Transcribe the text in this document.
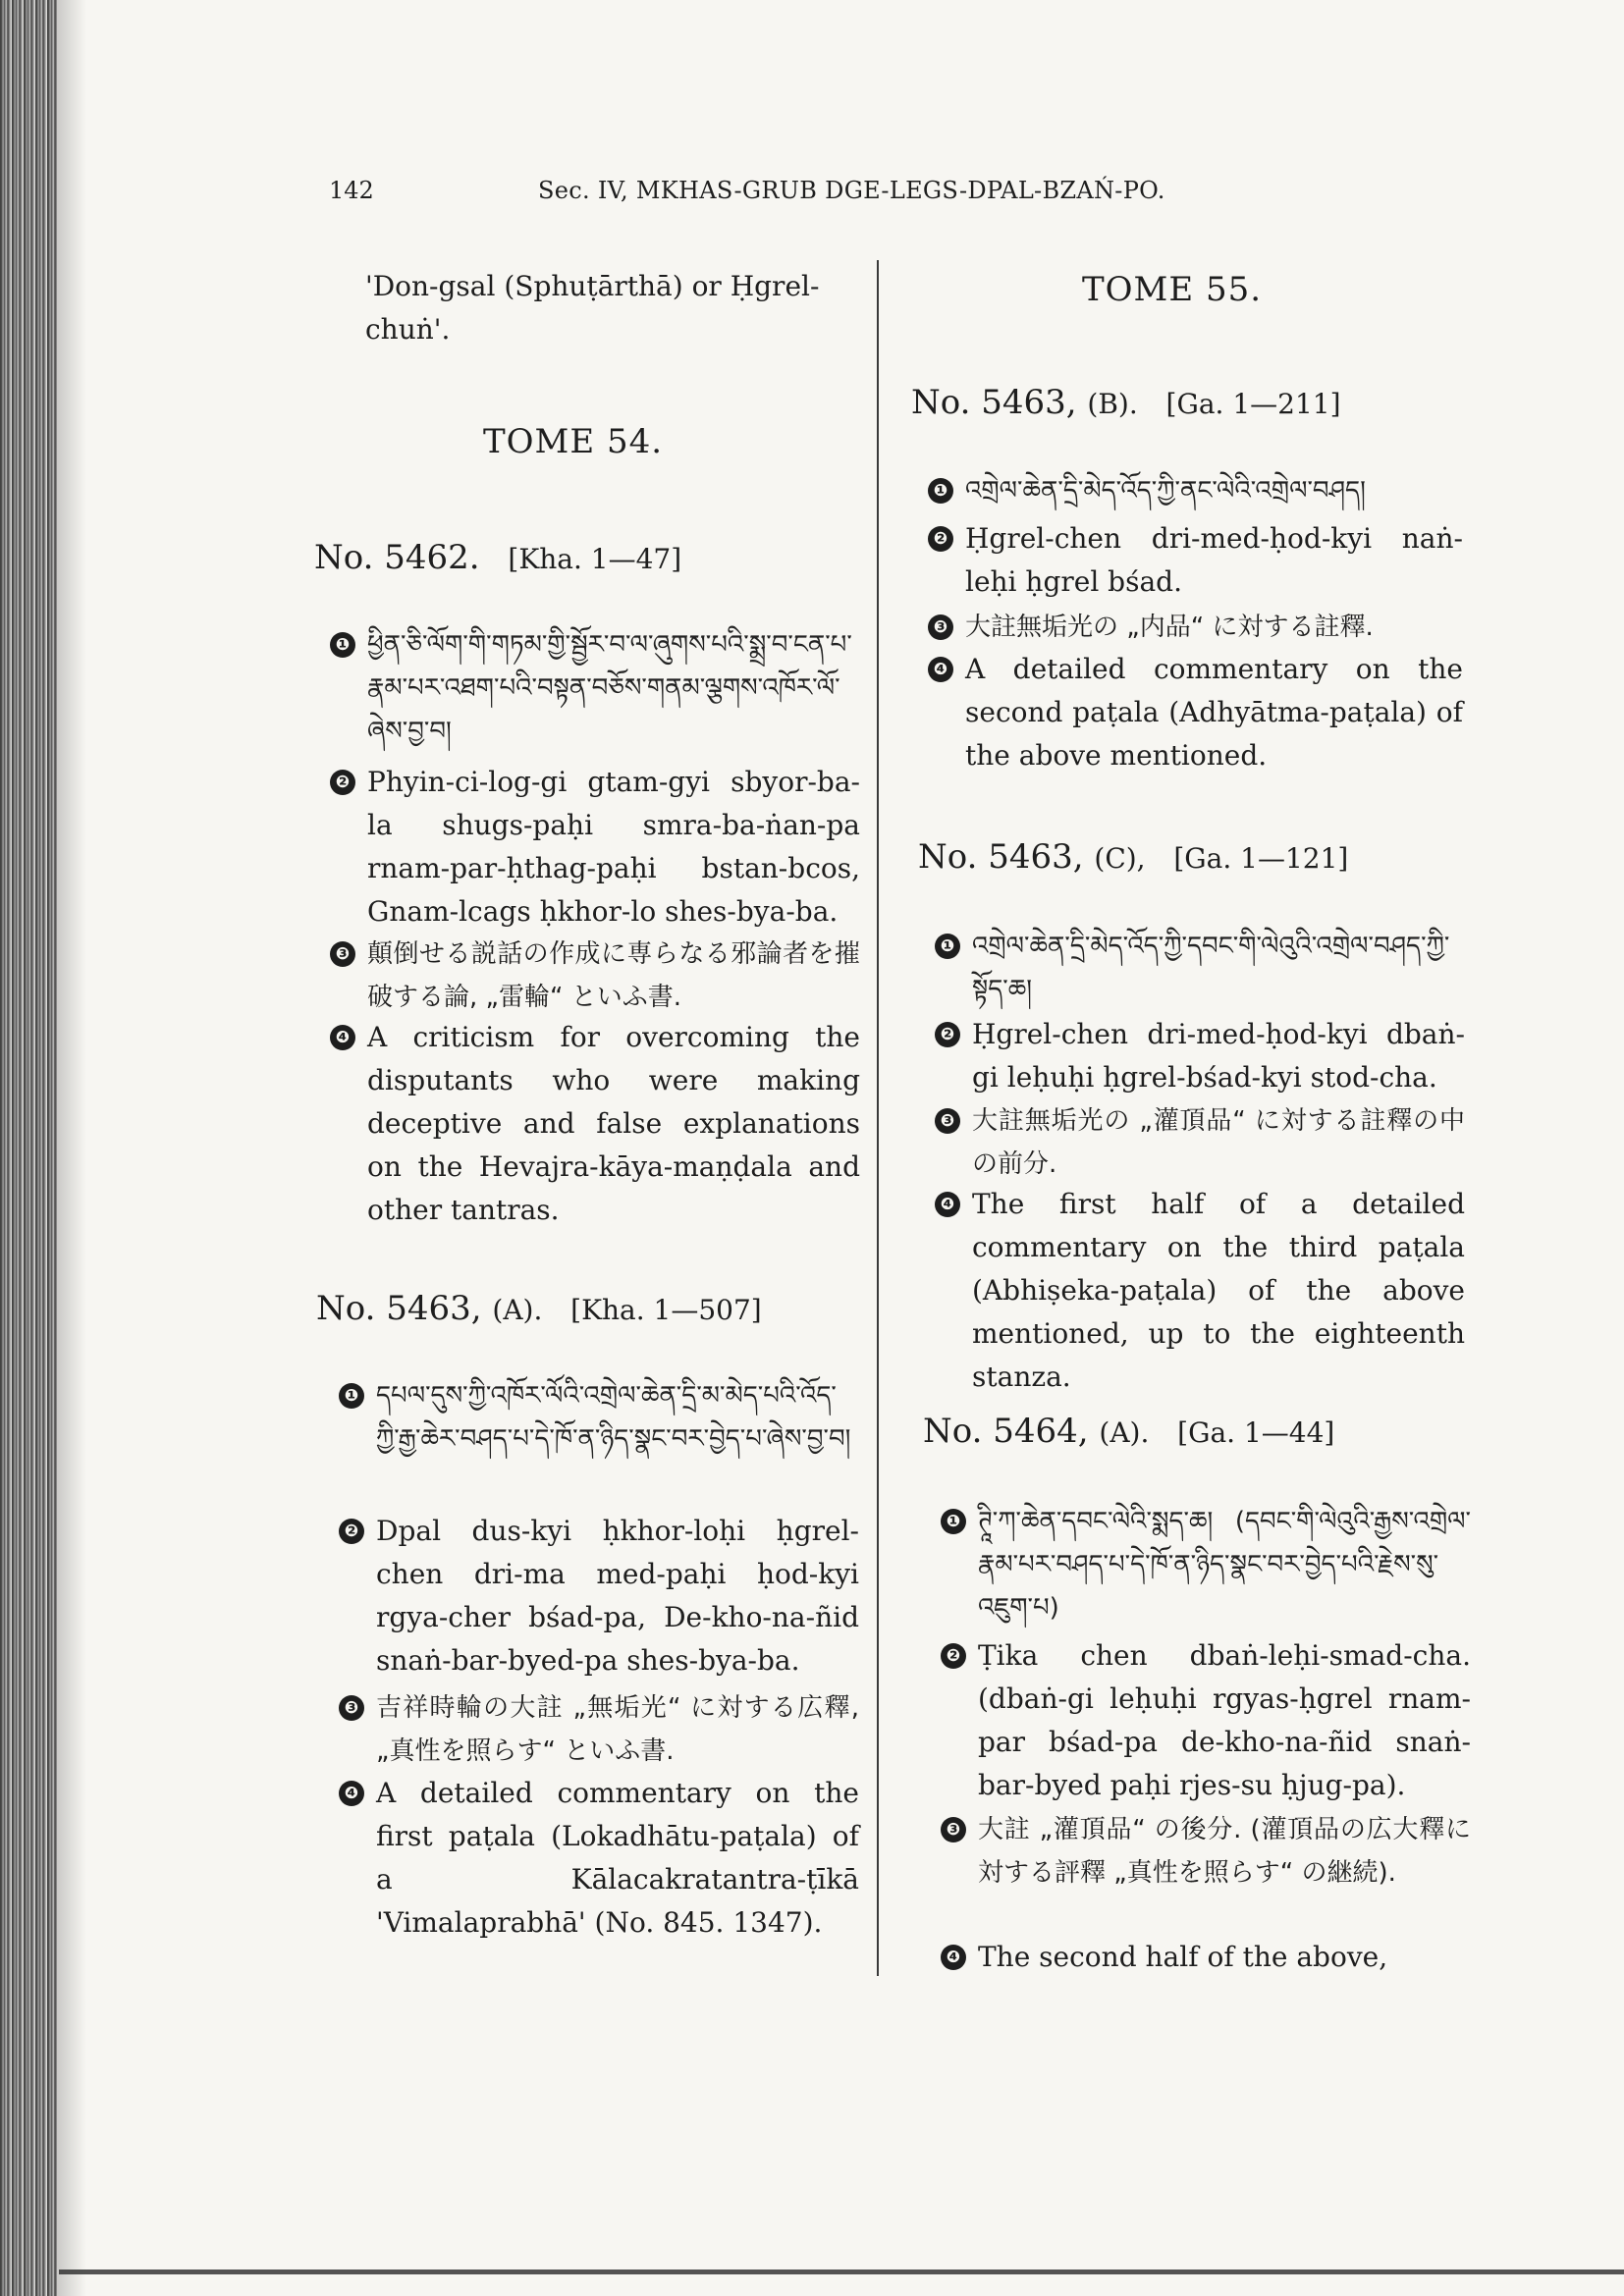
142	Sec. IV, MKHAS-GRUB DGE-LEGS-DPAL-BZAŃ-PO.
'Don-gsal (Sphuṭārthā) or Ḥgrel-chuṅ'.
TOME 54.
No. 5462. [Kha. 1—47]
❶ ཕྱིན་ཅི་ལོག་གི་གཏམ་གྱི་སྦྱོར་བ་ལ་ཞུགས་པའི་སྨྲ་བ་ངན་པ་རྣམ་པར་འཐག་པའི་བསྟན་བཅོས་གནམ་ལྕགས་འཁོར་ལོ་ཞེས་བྱ་བ།
❷ Phyin-ci-log-gi gtam-gyi sbyor-ba-la shugs-paḥi smra-ba-ṅan-pa rnam-par-ḥthag-paḥi bstan-bcos, Gnam-lcags ḥkhor-lo shes-bya-ba.
❸ 顛倒せる説話の作成に専らなる邪論者を摧破する論, „雷輪“ といふ書.
❹ A criticism for overcoming the disputants who were making deceptive and false explanations on the Hevajra-kāya-maṇḍala and other tantras.
No. 5463, (A). [Kha. 1—507]
❶ དཔལ་དུས་ཀྱི་འཁོར་ལོའི་འགྲེལ་ཆེན་དྲི་མ་མེད་པའི་འོད་ཀྱི་རྒྱ་ཆེར་བཤད་པ་དེ་ཁོ་ན་ཉིད་སྣང་བར་བྱེད་པ་ཞེས་བྱ་བ།
❷ Dpal dus-kyi ḥkhor-loḥi ḥgrel-chen dri-ma med-paḥi ḥod-kyi rgya-cher bśad-pa, De-kho-na-ñid snaṅ-bar-byed-pa shes-bya-ba.
❸ 吉祥時輪の大註 „無垢光“ に対する広釋, „真性を照らす“ といふ書.
❹ A detailed commentary on the first paṭala (Lokadhātu-paṭala) of a Kālacakratantra-ṭīkā 'Vimalaprabhā' (No. 845. 1347).
TOME 55.
No. 5463, (B). [Ga. 1—211]
❶ འགྲེལ་ཆེན་དྲི་མེད་འོད་ཀྱི་ནང་ལེའི་འགྲེལ་བཤད།
❷ Ḥgrel-chen dri-med-ḥod-kyi naṅ-leḥi ḥgrel bśad.
❸ 大註無垢光の „内品“ に対する註釋.
❹ A detailed commentary on the second paṭala (Adhyātma-paṭala) of the above mentioned.
No. 5463, (C), [Ga. 1—121]
❶ འགྲེལ་ཆེན་དྲི་མེད་འོད་ཀྱི་དབང་གི་ལེའུའི་འགྲེལ་བཤད་ཀྱི་སྟོད་ཆ།
❷ Ḥgrel-chen dri-med-ḥod-kyi dbaṅ-gi leḥuḥi ḥgrel-bśad-kyi stod-cha.
❸ 大註無垢光の „灌頂品“ に対する註釋の中の前分.
❹ The first half of a detailed commentary on the third paṭala (Abhiṣeka-paṭala) of the above mentioned, up to the eighteenth stanza.
No. 5464, (A). [Ga. 1—44]
❶ ཊཱི་ཀ་ཆེན་དབང་ལེའི་སྨད་ཆ། (དབང་གི་ལེའུའི་རྒྱས་འགྲེལ་རྣམ་པར་བཤད་པ་དེ་ཁོ་ན་ཉིད་སྣང་བར་བྱེད་པའི་རྗེས་སུ་འཇུག་པ)
❷ Ṭika chen dbaṅ-leḥi-smad-cha. (dbaṅ-gi leḥuḥi rgyas-ḥgrel rnam-par bśad-pa de-kho-na-ñid snaṅ-bar-byed paḥi rjes-su ḥjug-pa).
❸ 大註 „灌頂品“ の後分. (灌頂品の広大釋に対する評釋 „真性を照らす“ の継続).
❹ The second half of the above,
